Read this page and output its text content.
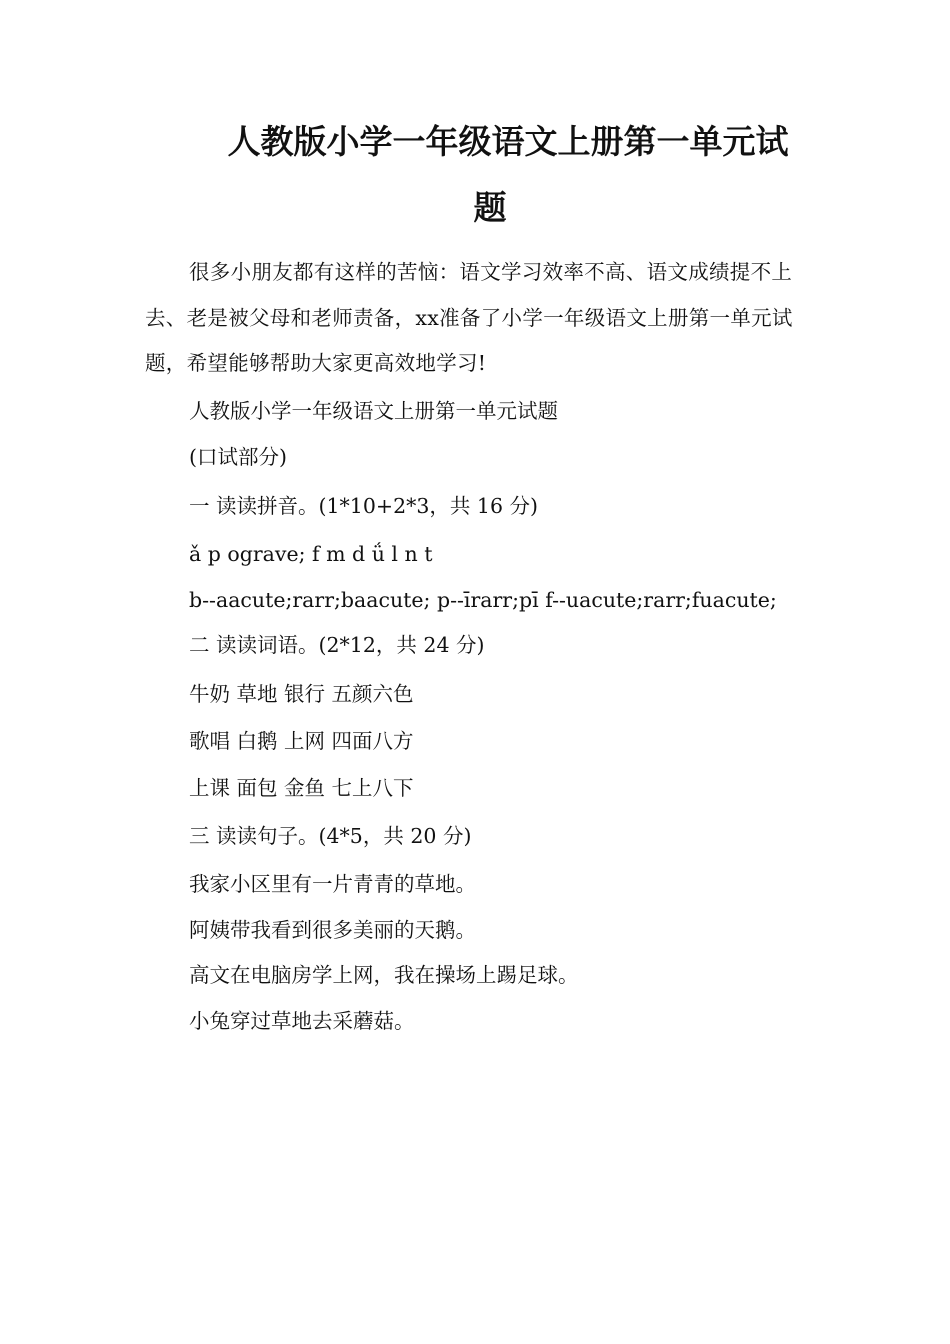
人教版小学一年级语文上册第一单元试
题
很多小朋友都有这样的苦恼：语文学习效率不高、语文成绩提不上去、老是被父母和老师责备，xx准备了小学一年级语文上册第一单元试题，希望能够帮助大家更高效地学习!
人教版小学一年级语文上册第一单元试题
(口试部分)
一 读读拼音。(1*10+2*3，共 16 分)
ǎ p ograve; f m d ǘ l n t
b--aacute;rarr;baacute; p--īrarr;pī f--uacute;rarr;fuacute;
二 读读词语。(2*12，共 24 分)
牛奶 草地 银行 五颜六色
歌唱 白鹅 上网 四面八方
上课 面包 金鱼 七上八下
三 读读句子。(4*5，共 20 分)
我家小区里有一片青青的草地。
阿姨带我看到很多美丽的天鹅。
高文在电脑房学上网，我在操场上踢足球。
小兔穿过草地去采蘑菇。
